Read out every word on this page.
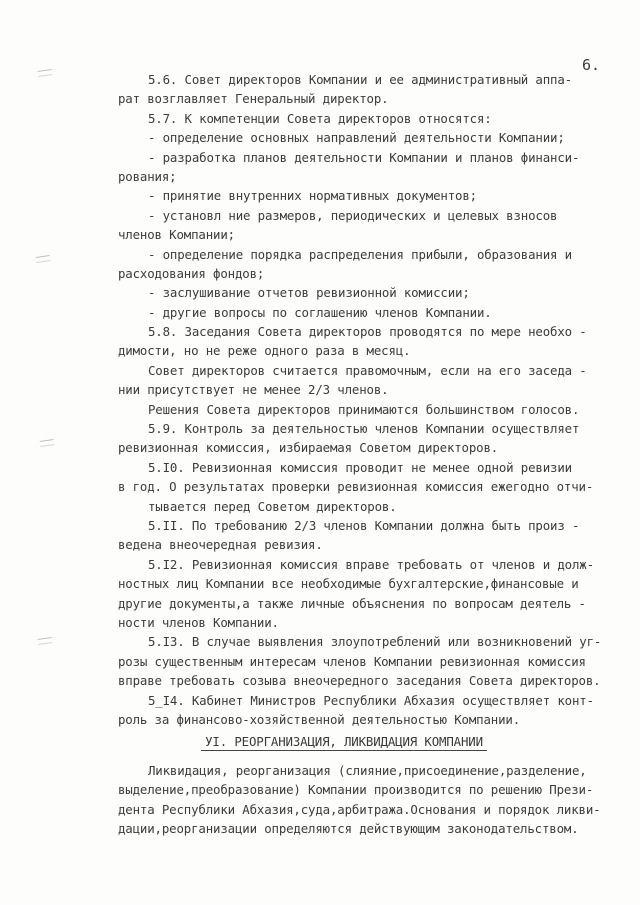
6.
5.6. Совет директоров Компании и ее административный аппа-
рат возглавляет Генеральный директор.
5.7. К компетенции Совета директоров относятся:
- определение основных направлений деятельности Компании;
- разработка планов деятельности Компании и планов финанси-
рования;
- принятие внутренних нормативных документов;
- установл ние размеров, периодических и целевых взносов
членов Компании;
- определение порядка распределения прибыли, образования и
расходования фондов;
- заслушивание отчетов ревизионной комиссии;
- другие вопросы по соглашению членов Компании.
5.8. Заседания Совета директоров проводятся по мере необхо -
димости, но не реже одного раза в месяц.
Совет директоров считается правомочным, если на его заседа -
нии присутствует не менее 2/3 членов.
Решения Совета директоров принимаются большинством голосов.
5.9. Контроль за деятельностью членов Компании осуществляет
ревизионная комиссия, избираемая Советом директоров.
5.I0. Ревизионная комиссия проводит не менее одной ревизии
в год. О результатах проверки ревизионная комиссия ежегодно отчи-
тывается перед Советом директоров.
5.II. По требованию 2/3 членов Компании должна быть произ -
ведена внеочередная ревизия.
5.I2. Ревизионная комиссия вправе требовать от членов и долж-
ностных лиц Компании все необходимые бухгалтерские,финансовые и
другие документы,а также личные объяснения по вопросам деятель -
ности членов Компании.
5.I3. В случае выявления злоупотреблений или возникновений уг-
розы существенным интересам членов Компании ревизионная комиссия
вправе требовать созыва внеочередного заседания Совета директоров.
5_I4. Кабинет Министров Республики Абхазия осуществляет конт-
роль за финансово-хозяйственной деятельностью Компании.
УI. РЕОРГАНИЗАЦИЯ, ЛИКВИДАЦИЯ КОМПАНИИ
Ликвидация, реорганизация (слияние,присоединение,разделение,
выделение,преобразование) Компании производится по решению Прези-
дента Республики Абхазия,суда,арбитража.Основания и порядок ликви-
дации,реорганизации определяются действующим законодательством.
